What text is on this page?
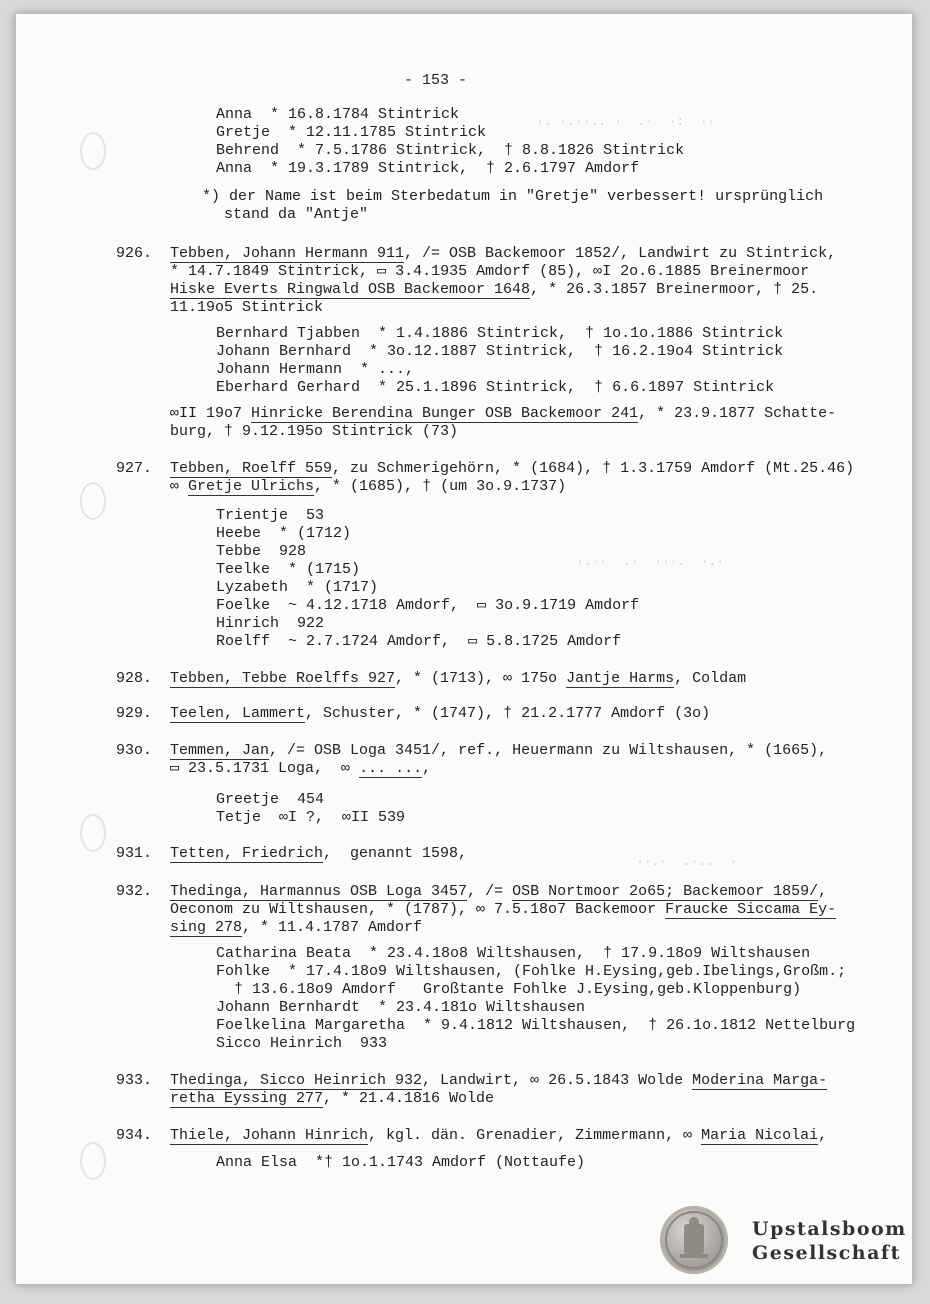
- 153 -
·. ·.··.. ·  .·  ·:  ··
·.··  .·  ···.  ·.·
··.·  .·..  ·
Anna  * 16.8.1784 Stintrick
Gretje  * 12.11.1785 Stintrick
Behrend  * 7.5.1786 Stintrick,  † 8.8.1826 Stintrick
Anna  * 19.3.1789 Stintrick,  † 2.6.1797 Amdorf
*) der Name ist beim Sterbedatum in "Gretje" verbessert! ursprünglich
stand da "Antje"
926. Tebben, Johann Hermann 911, /= OSB Backemoor 1852/, Landwirt zu Stintrick,
* 14.7.1849 Stintrick, ▭ 3.4.1935 Amdorf (85), ∞I 2o.6.1885 Breinermoor
Hiske Everts Ringwald OSB Backemoor 1648, * 26.3.1857 Breinermoor, † 25.
11.19o5 Stintrick
Bernhard Tjabben  * 1.4.1886 Stintrick,  † 1o.1o.1886 Stintrick
Johann Bernhard  * 3o.12.1887 Stintrick,  † 16.2.19o4 Stintrick
Johann Hermann  * ...,
Eberhard Gerhard  * 25.1.1896 Stintrick,  † 6.6.1897 Stintrick
∞II 19o7 Hinricke Berendina Bunger OSB Backemoor 241, * 23.9.1877 Schatte-
burg, † 9.12.195o Stintrick (73)
927. Tebben, Roelff 559, zu Schmerigehörn, * (1684), † 1.3.1759 Amdorf (Mt.25.46)
∞ Gretje Ulrichs, * (1685), † (um 3o.9.1737)
Trientje  53
Heebe  * (1712)
Tebbe  928
Teelke  * (1715)
Lyzabeth  * (1717)
Foelke  ~ 4.12.1718 Amdorf,  ▭ 3o.9.1719 Amdorf
Hinrich  922
Roelff  ~ 2.7.1724 Amdorf,  ▭ 5.8.1725 Amdorf
928. Tebben, Tebbe Roelffs 927, * (1713), ∞ 175o Jantje Harms, Coldam
929. Teelen, Lammert, Schuster, * (1747), † 21.2.1777 Amdorf (3o)
93o. Temmen, Jan, /= OSB Loga 3451/, ref., Heuermann zu Wiltshausen, * (1665),
▭ 23.5.1731 Loga,  ∞ ... ...,
Greetje  454
Tetje  ∞I ?,  ∞II 539
931. Tetten, Friedrich,  genannt 1598,
932. Thedinga, Harmannus OSB Loga 3457, /= OSB Nortmoor 2o65; Backemoor 1859/,
Oeconom zu Wiltshausen, * (1787), ∞ 7.5.18o7 Backemoor Fraucke Siccama Ey-
sing 278, * 11.4.1787 Amdorf
Catharina Beata  * 23.4.18o8 Wiltshausen,  † 17.9.18o9 Wiltshausen
Fohlke  * 17.4.18o9 Wiltshausen, (Fohlke H.Eysing,geb.Ibelings,Großm.;
† 13.6.18o9 Amdorf   Großtante Fohlke J.Eysing,geb.Kloppenburg)
Johann Bernhardt  * 23.4.181o Wiltshausen
Foelkelina Margaretha  * 9.4.1812 Wiltshausen,  † 26.1o.1812 Nettelburg
Sicco Heinrich  933
933. Thedinga, Sicco Heinrich 932, Landwirt, ∞ 26.5.1843 Wolde Moderina Marga-
retha Eyssing 277, * 21.4.1816 Wolde
934. Thiele, Johann Hinrich, kgl. dän. Grenadier, Zimmermann, ∞ Maria Nicolai,
Anna Elsa  *† 1o.1.1743 Amdorf (Nottaufe)
Upstalsboom
Gesellschaft
